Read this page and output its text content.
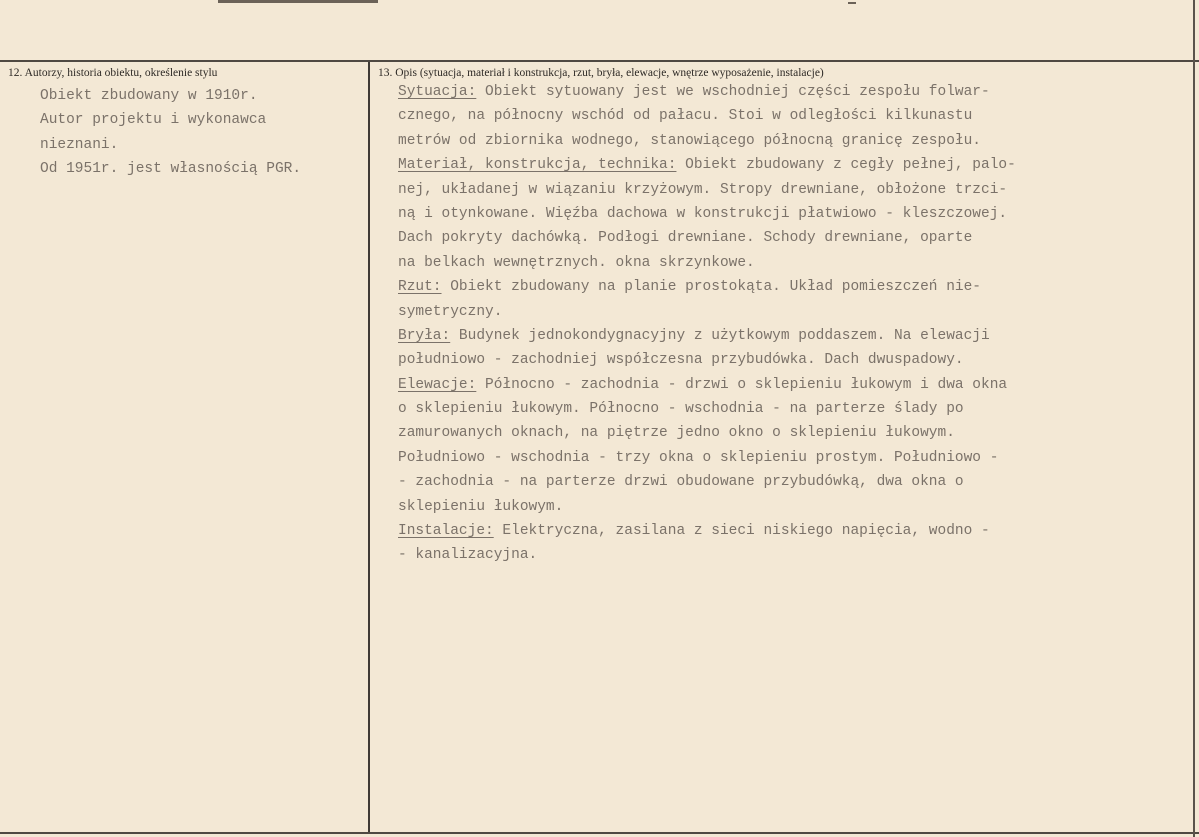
12. Autorzy, historia obiektu, określenie stylu	13. Opis (sytuacja, materiał i konstrukcja, rzut, bryła, elewacje, wnętrze wyposażenie, instalacje)
Obiekt zbudowany w 1910r.
Autor projektu i wykonawca
nieznani.
Od 1951r. jest własnością PGR.
Sytuacja: Obiekt sytuowany jest we wschodniej części zespołu folwar-
cznego, na północny wschód od pałacu. Stoi w odległości kilkunastu
metrów od zbiornika wodnego, stanowiącego północną granicę zespołu.
Materiał, konstrukcja, technika: Obiekt zbudowany z cegły pełnej, palo-
nej, układanej w wiązaniu krzyżowym. Stropy drewniane, obłożone trzci-
ną i otynkowane. Więźba dachowa w konstrukcji płatwiowo - kleszczowej.
Dach pokryty dachówką. Podłogi drewniane. Schody drewniane, oparte
na belkach wewnętrznych. okna skrzynkowe.
Rzut: Obiekt zbudowany na planie prostokąta. Układ pomieszczeń nie-
symetryczny.
Bryła: Budynek jednokondygnacyjny z użytkowym poddaszem. Na elewacji
południowo - zachodniej współczesna przybudówka. Dach dwuspadowy.
Elewacje: Północno - zachodnia - drzwi o sklepieniu łukowym i dwa okna
o sklepieniu łukowym. Północno - wschodnia - na parterze ślady po
zamurowanych oknach, na piętrze jedno okno o sklepieniu łukowym.
Południowo - wschodnia - trzy okna o sklepieniu prostym. Południowo -
- zachodnia - na parterze drzwi obudowane przybudówką, dwa okna o
sklepieniu łukowym.
Instalacje: Elektryczna, zasilana z sieci niskiego napięcia, wodno -
- kanalizacyjna.
